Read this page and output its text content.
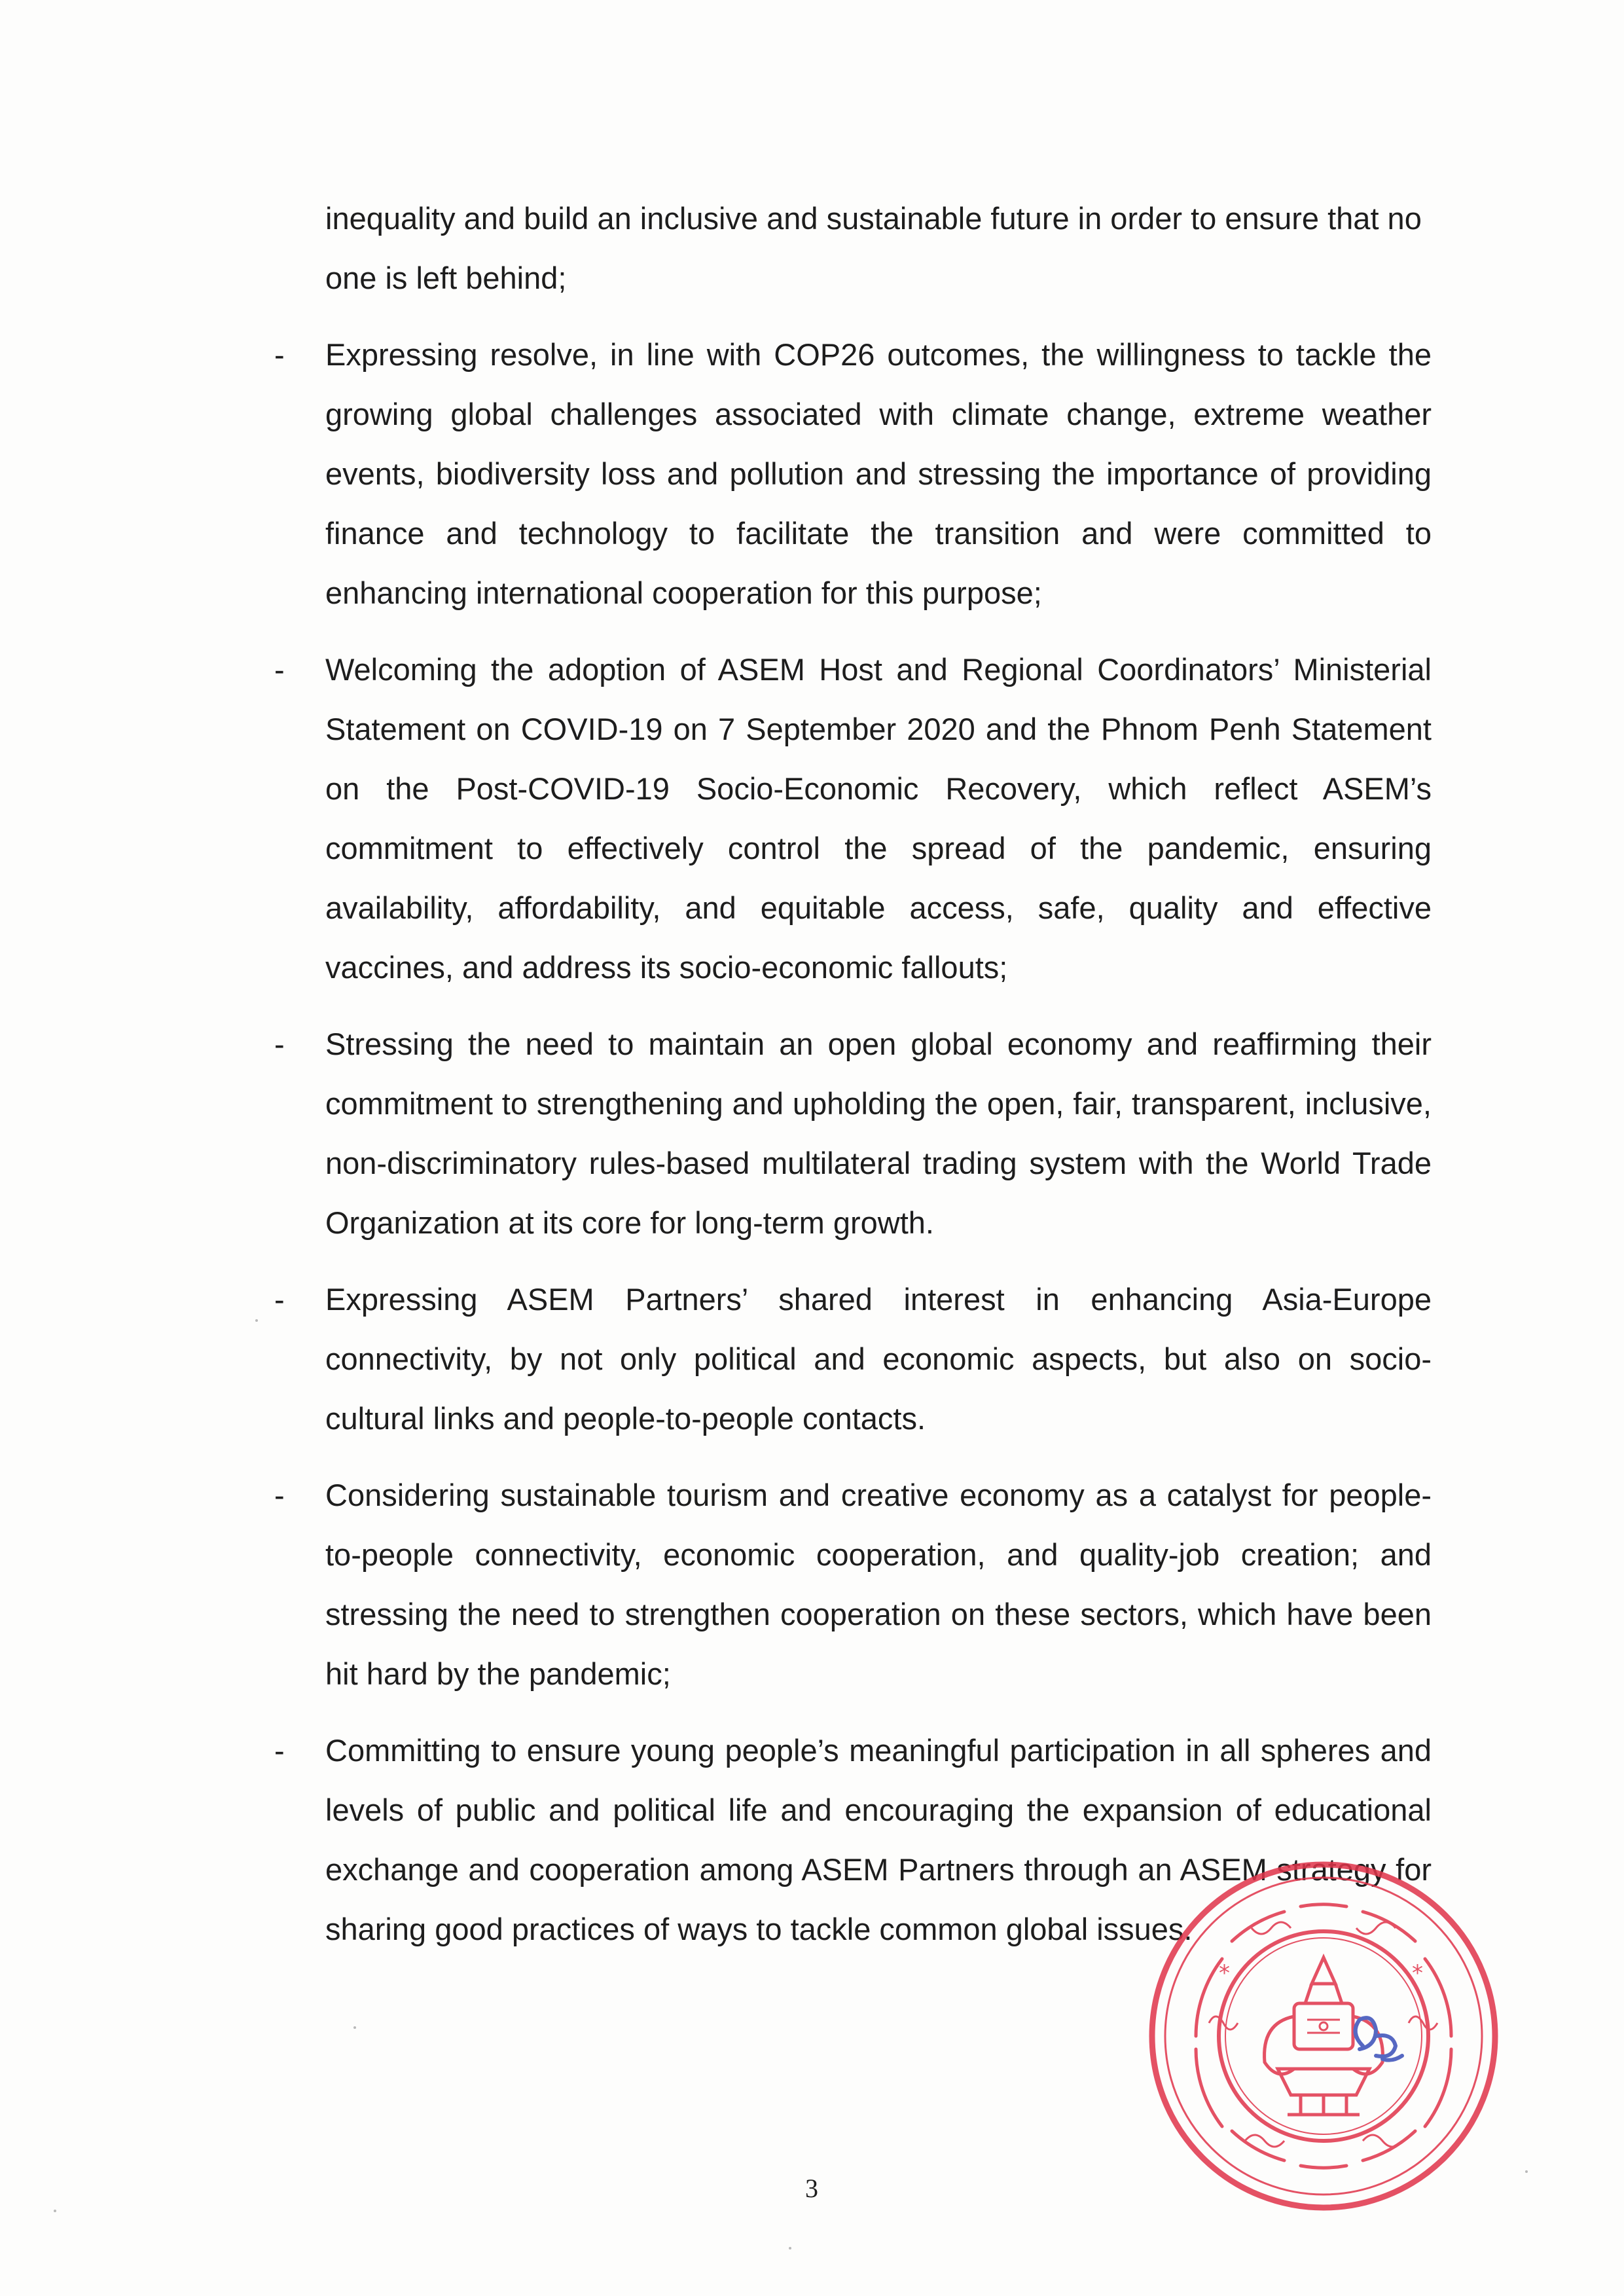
inequality and build an inclusive and sustainable future in order to ensure that no one is left behind;

-	Expressing resolve, in line with COP26 outcomes, the willingness to tackle the growing global challenges associated with climate change, extreme weather events, biodiversity loss and pollution and stressing the importance of providing finance and technology to facilitate the transition and were committed to enhancing international cooperation for this purpose;
-	Welcoming the adoption of ASEM Host and Regional Coordinators’ Ministerial Statement on COVID-19 on 7 September 2020 and the Phnom Penh Statement on the Post-COVID-19 Socio-Economic Recovery, which reflect ASEM’s commitment to effectively control the spread of the pandemic, ensuring availability, affordability, and equitable access, safe, quality and effective vaccines, and address its socio-economic fallouts;
-	Stressing the need to maintain an open global economy and reaffirming their commitment to strengthening and upholding the open, fair, transparent, inclusive, non-discriminatory rules-based multilateral trading system with the World Trade Organization at its core for long-term growth.
-	Expressing ASEM Partners’ shared interest in enhancing Asia-Europe connectivity, by not only political and economic aspects, but also on socio-cultural links and people-to-people contacts.
-	Considering sustainable tourism and creative economy as a catalyst for people-to-people connectivity, economic cooperation, and quality-job creation; and stressing the need to strengthen cooperation on these sectors, which have been hit hard by the pandemic;
-	Committing to ensure young people’s meaningful participation in all spheres and levels of public and political life and encouraging the expansion of educational exchange and cooperation among ASEM Partners through an ASEM strategy for sharing good practices of ways to tackle common global issues.
3
*	*
